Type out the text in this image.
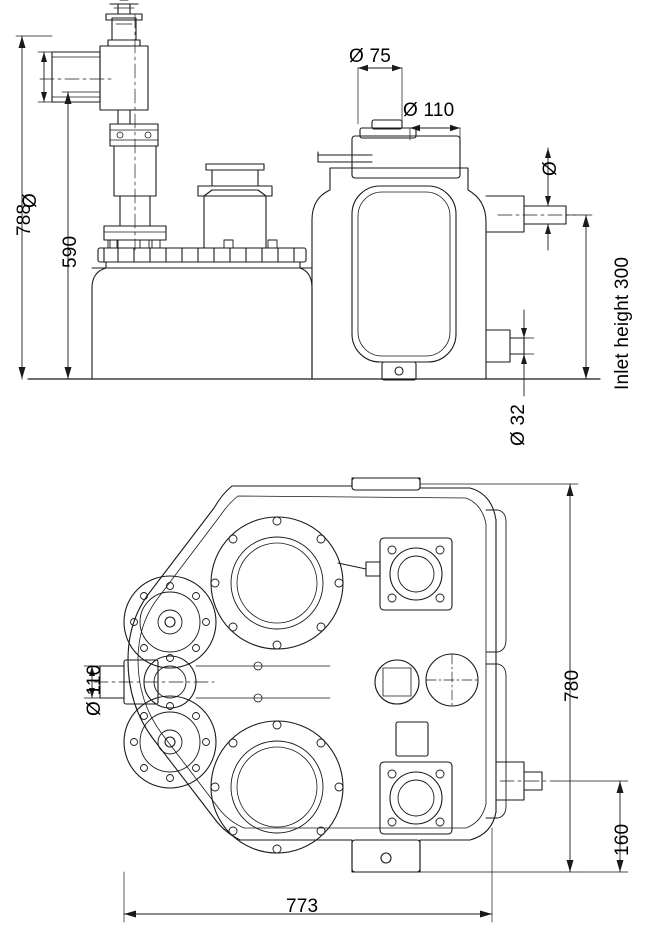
Ø
788
590
Ø 75
Ø 110
Ø
Inlet height 300
Ø 32
Ø 110	780
160
773
